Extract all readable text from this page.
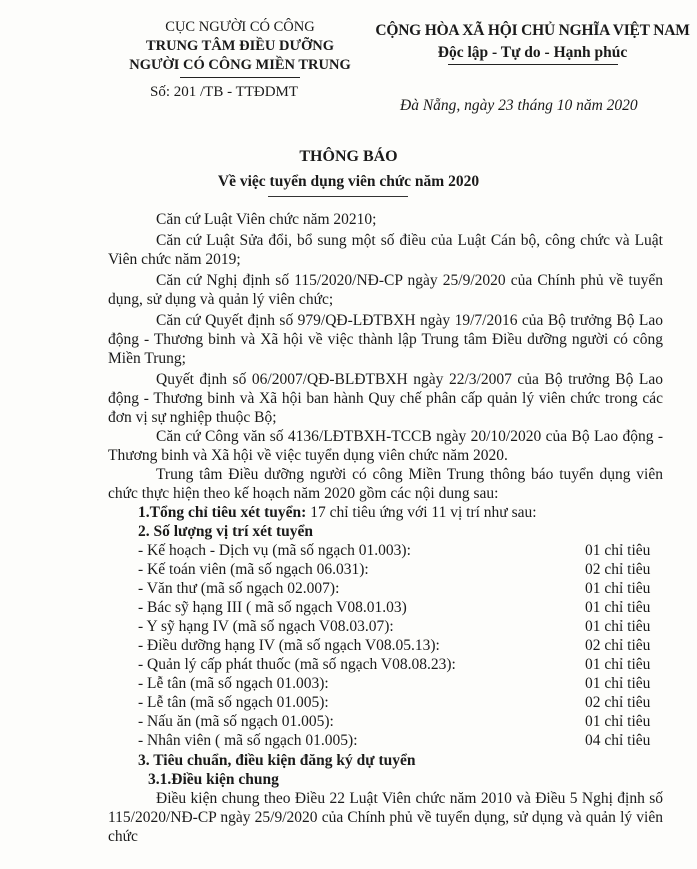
CỤC NGƯỜI CÓ CÔNG
TRUNG TÂM ĐIỀU DƯỠNG
NGƯỜI CÓ CÔNG MIỀN TRUNG
Số: 201 /TB - TTĐDMT
CỘNG HÒA XÃ HỘI CHỦ NGHĨA VIỆT NAM
Độc lập - Tự do - Hạnh phúc
Đà Nẵng, ngày 23 tháng 10 năm 2020
THÔNG BÁO
Về việc tuyển dụng viên chức năm 2020

Căn cứ Luật Viên chức năm 20210;

Căn cứ Luật Sửa đổi, bổ sung một số điều của Luật Cán bộ, công chức và Luật Viên chức năm 2019;

Căn cứ Nghị định số 115/2020/NĐ-CP ngày 25/9/2020 của Chính phủ về tuyển dụng, sử dụng và quản lý viên chức;

Căn cứ Quyết định số 979/QĐ-LĐTBXH ngày 19/7/2016 của Bộ trưởng Bộ Lao động - Thương binh và Xã hội về việc thành lập Trung tâm Điều dưỡng người có công Miền Trung;

Quyết định số 06/2007/QĐ-BLĐTBXH ngày 22/3/2007 của Bộ trưởng Bộ Lao động - Thương binh và Xã hội ban hành Quy chế phân cấp quản lý viên chức trong các đơn vị sự nghiệp thuộc Bộ;

Căn cứ Công văn số 4136/LĐTBXH-TCCB ngày 20/10/2020 của Bộ Lao động - Thương binh và Xã hội về việc tuyển dụng viên chức năm 2020.

Trung tâm Điều dưỡng người có công Miền Trung thông báo tuyển dụng viên chức thực hiện theo kế hoạch năm 2020 gồm các nội dung sau:

1.Tổng chỉ tiêu xét tuyển: 17 chỉ tiêu ứng với 11 vị trí như sau:
2. Số lượng vị trí xét tuyển
- Kế hoạch - Dịch vụ (mã số ngạch 01.003):	01 chỉ tiêu
- Kế toán viên (mã số ngạch 06.031):	02 chỉ tiêu
- Văn thư (mã số ngạch 02.007):	01 chỉ tiêu
- Bác sỹ hạng III ( mã số ngạch V08.01.03)	01 chỉ tiêu
- Y sỹ hạng IV (mã số ngạch V08.03.07):	01 chỉ tiêu
- Điều dưỡng hạng IV (mã số ngạch V08.05.13):	02 chỉ tiêu
- Quản lý cấp phát thuốc (mã số ngạch V08.08.23):	01 chỉ tiêu
- Lễ tân (mã số ngạch 01.003):	01 chỉ tiêu
- Lễ tân (mã số ngạch 01.005):	02 chỉ tiêu
- Nấu ăn (mã số ngạch 01.005):	01 chỉ tiêu
- Nhân viên ( mã số ngạch 01.005):	04 chỉ tiêu
3. Tiêu chuẩn, điều kiện đăng ký dự tuyển
3.1.Điều kiện chung

Điều kiện chung theo Điều 22 Luật Viên chức năm 2010 và Điều 5 Nghị định số 115/2020/NĐ-CP ngày 25/9/2020 của Chính phủ về tuyển dụng, sử dụng và quản lý viên chức
